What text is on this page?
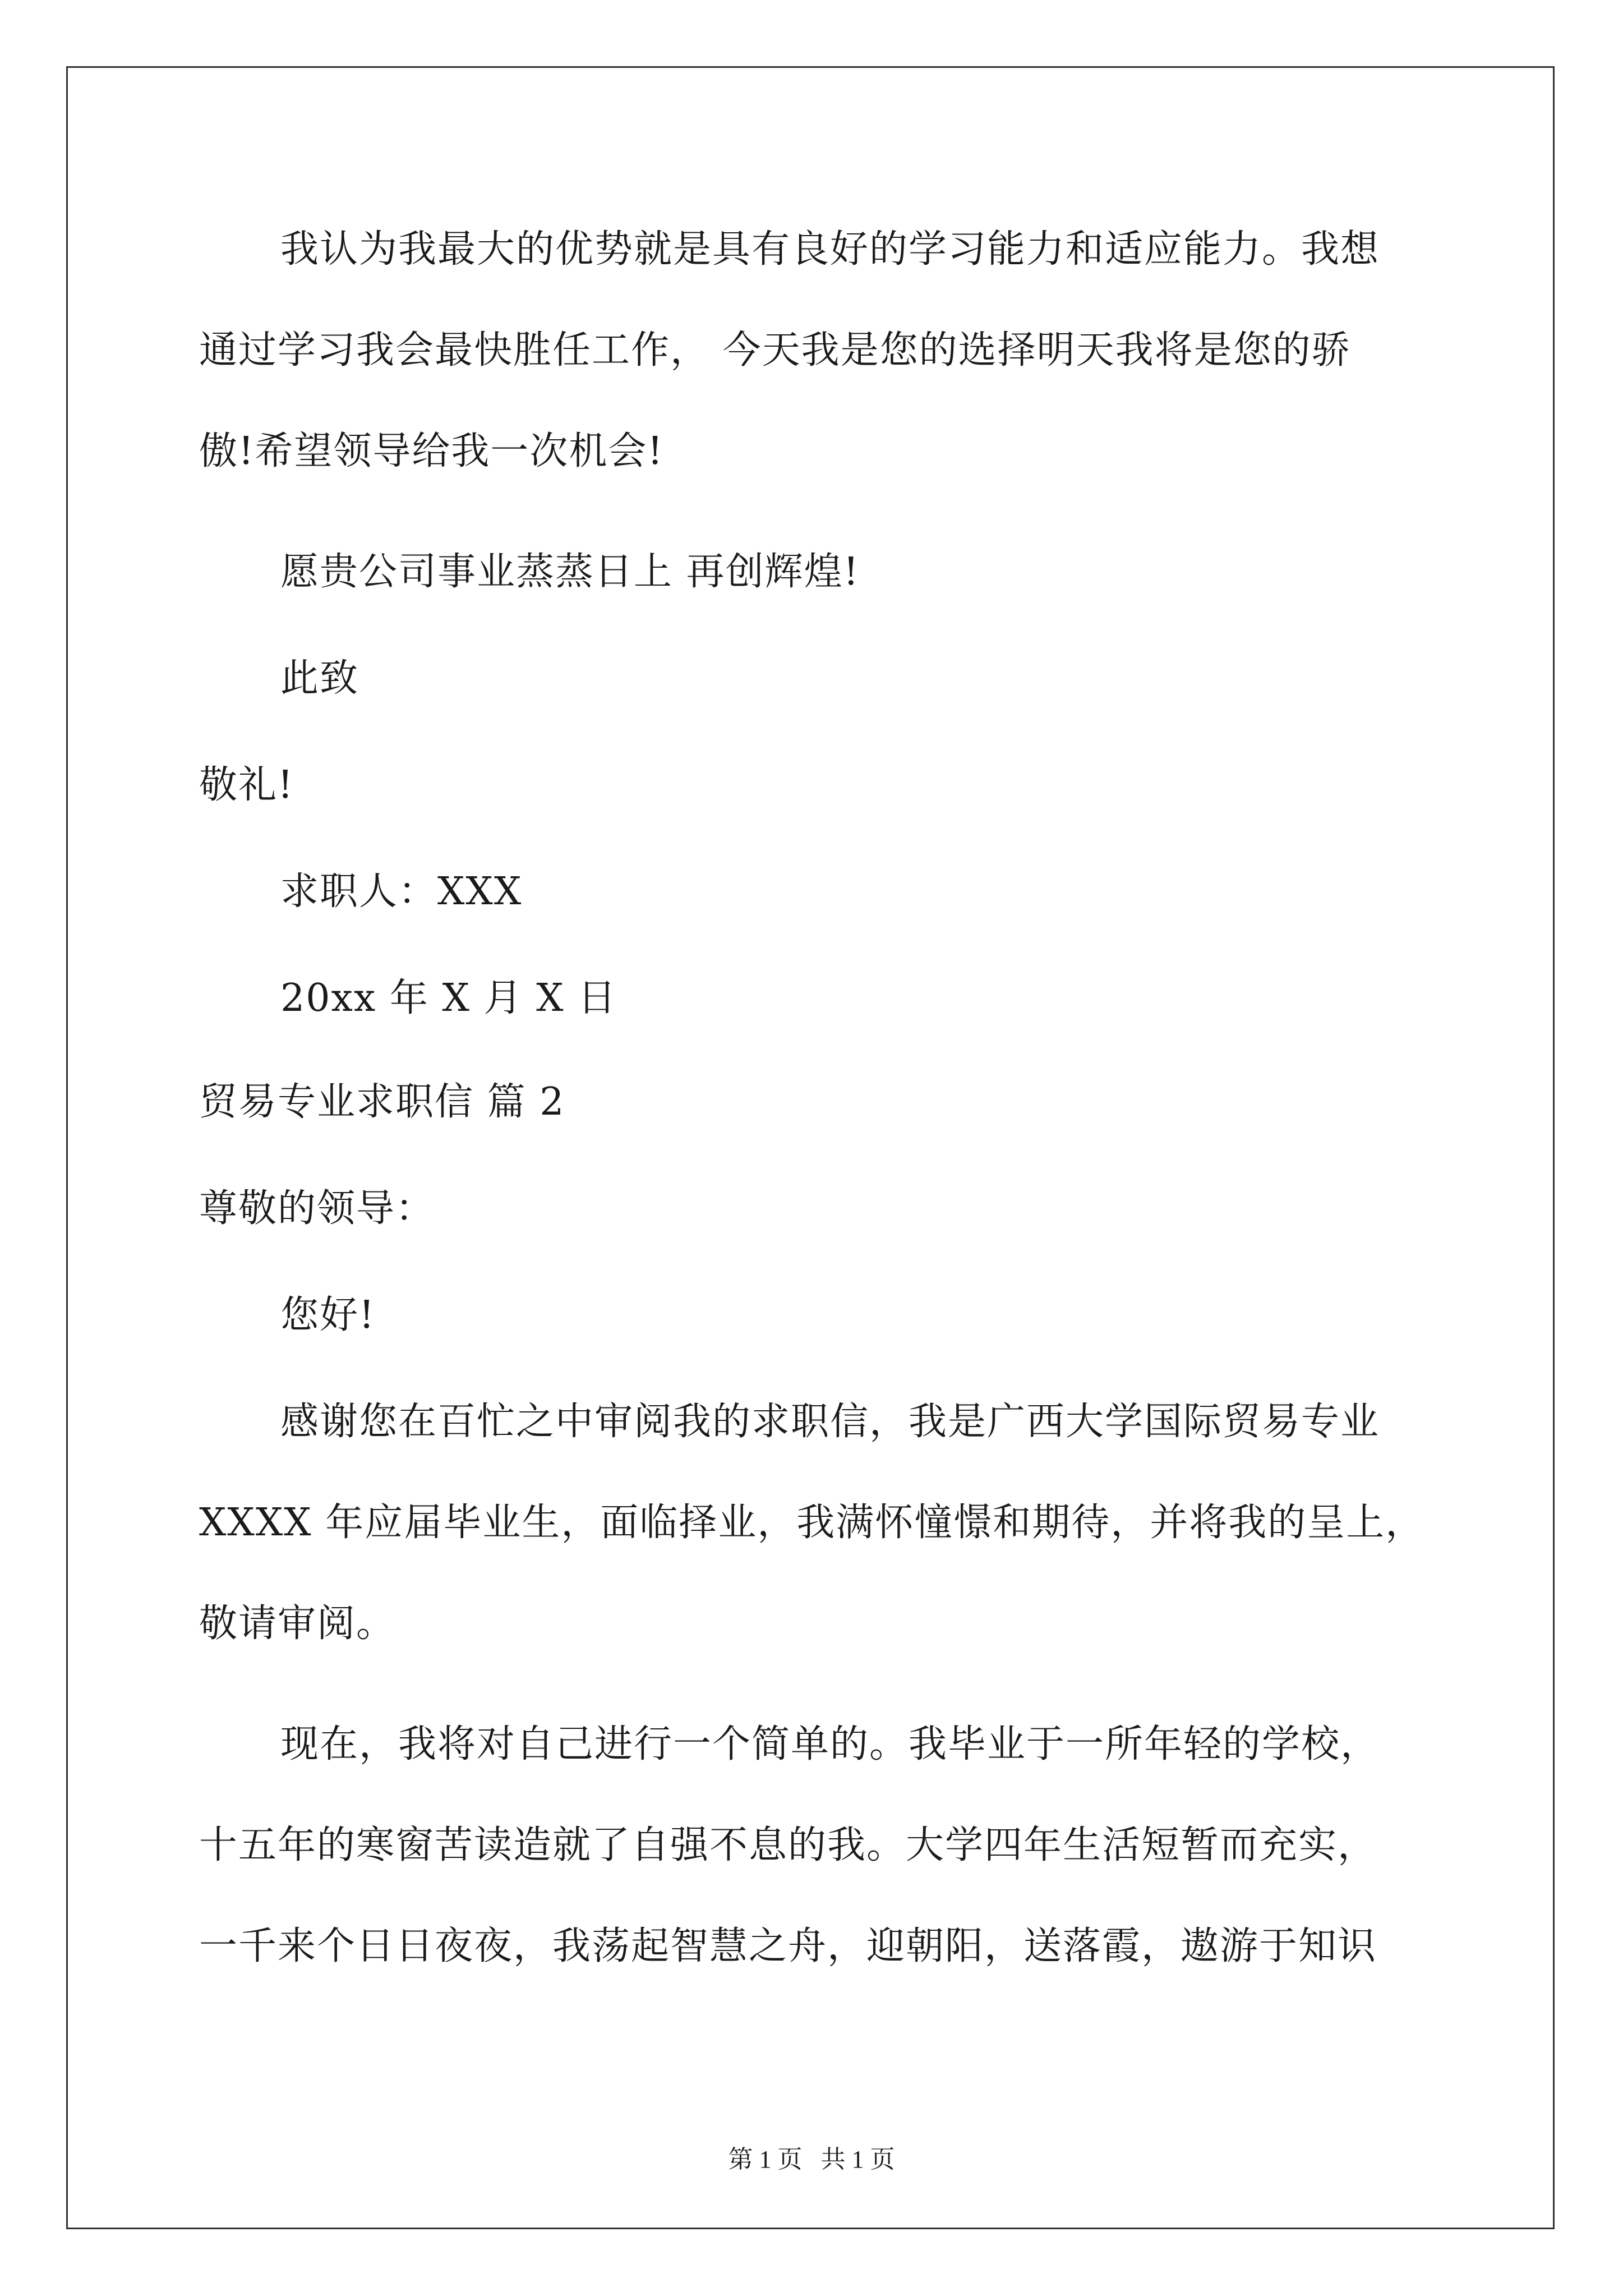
我认为我最大的优势就是具有良好的学习能力和适应能力。我想
通过学习我会最快胜任工作， 今天我是您的选择明天我将是您的骄
傲!希望领导给我一次机会!
愿贵公司事业蒸蒸日上 再创辉煌!
此致
敬礼!
求职人：XXX
20xx 年 X 月 X 日
贸易专业求职信 篇 2
尊敬的领导：
您好!
感谢您在百忙之中审阅我的求职信，我是广西大学国际贸易专业
XXXX 年应届毕业生，面临择业，我满怀憧憬和期待，并将我的呈上，
敬请审阅。
现在，我将对自己进行一个简单的。我毕业于一所年轻的学校，
十五年的寒窗苦读造就了自强不息的我。大学四年生活短暂而充实，
一千来个日日夜夜，我荡起智慧之舟，迎朝阳，送落霞，遨游于知识
第 1 页   共 1 页
